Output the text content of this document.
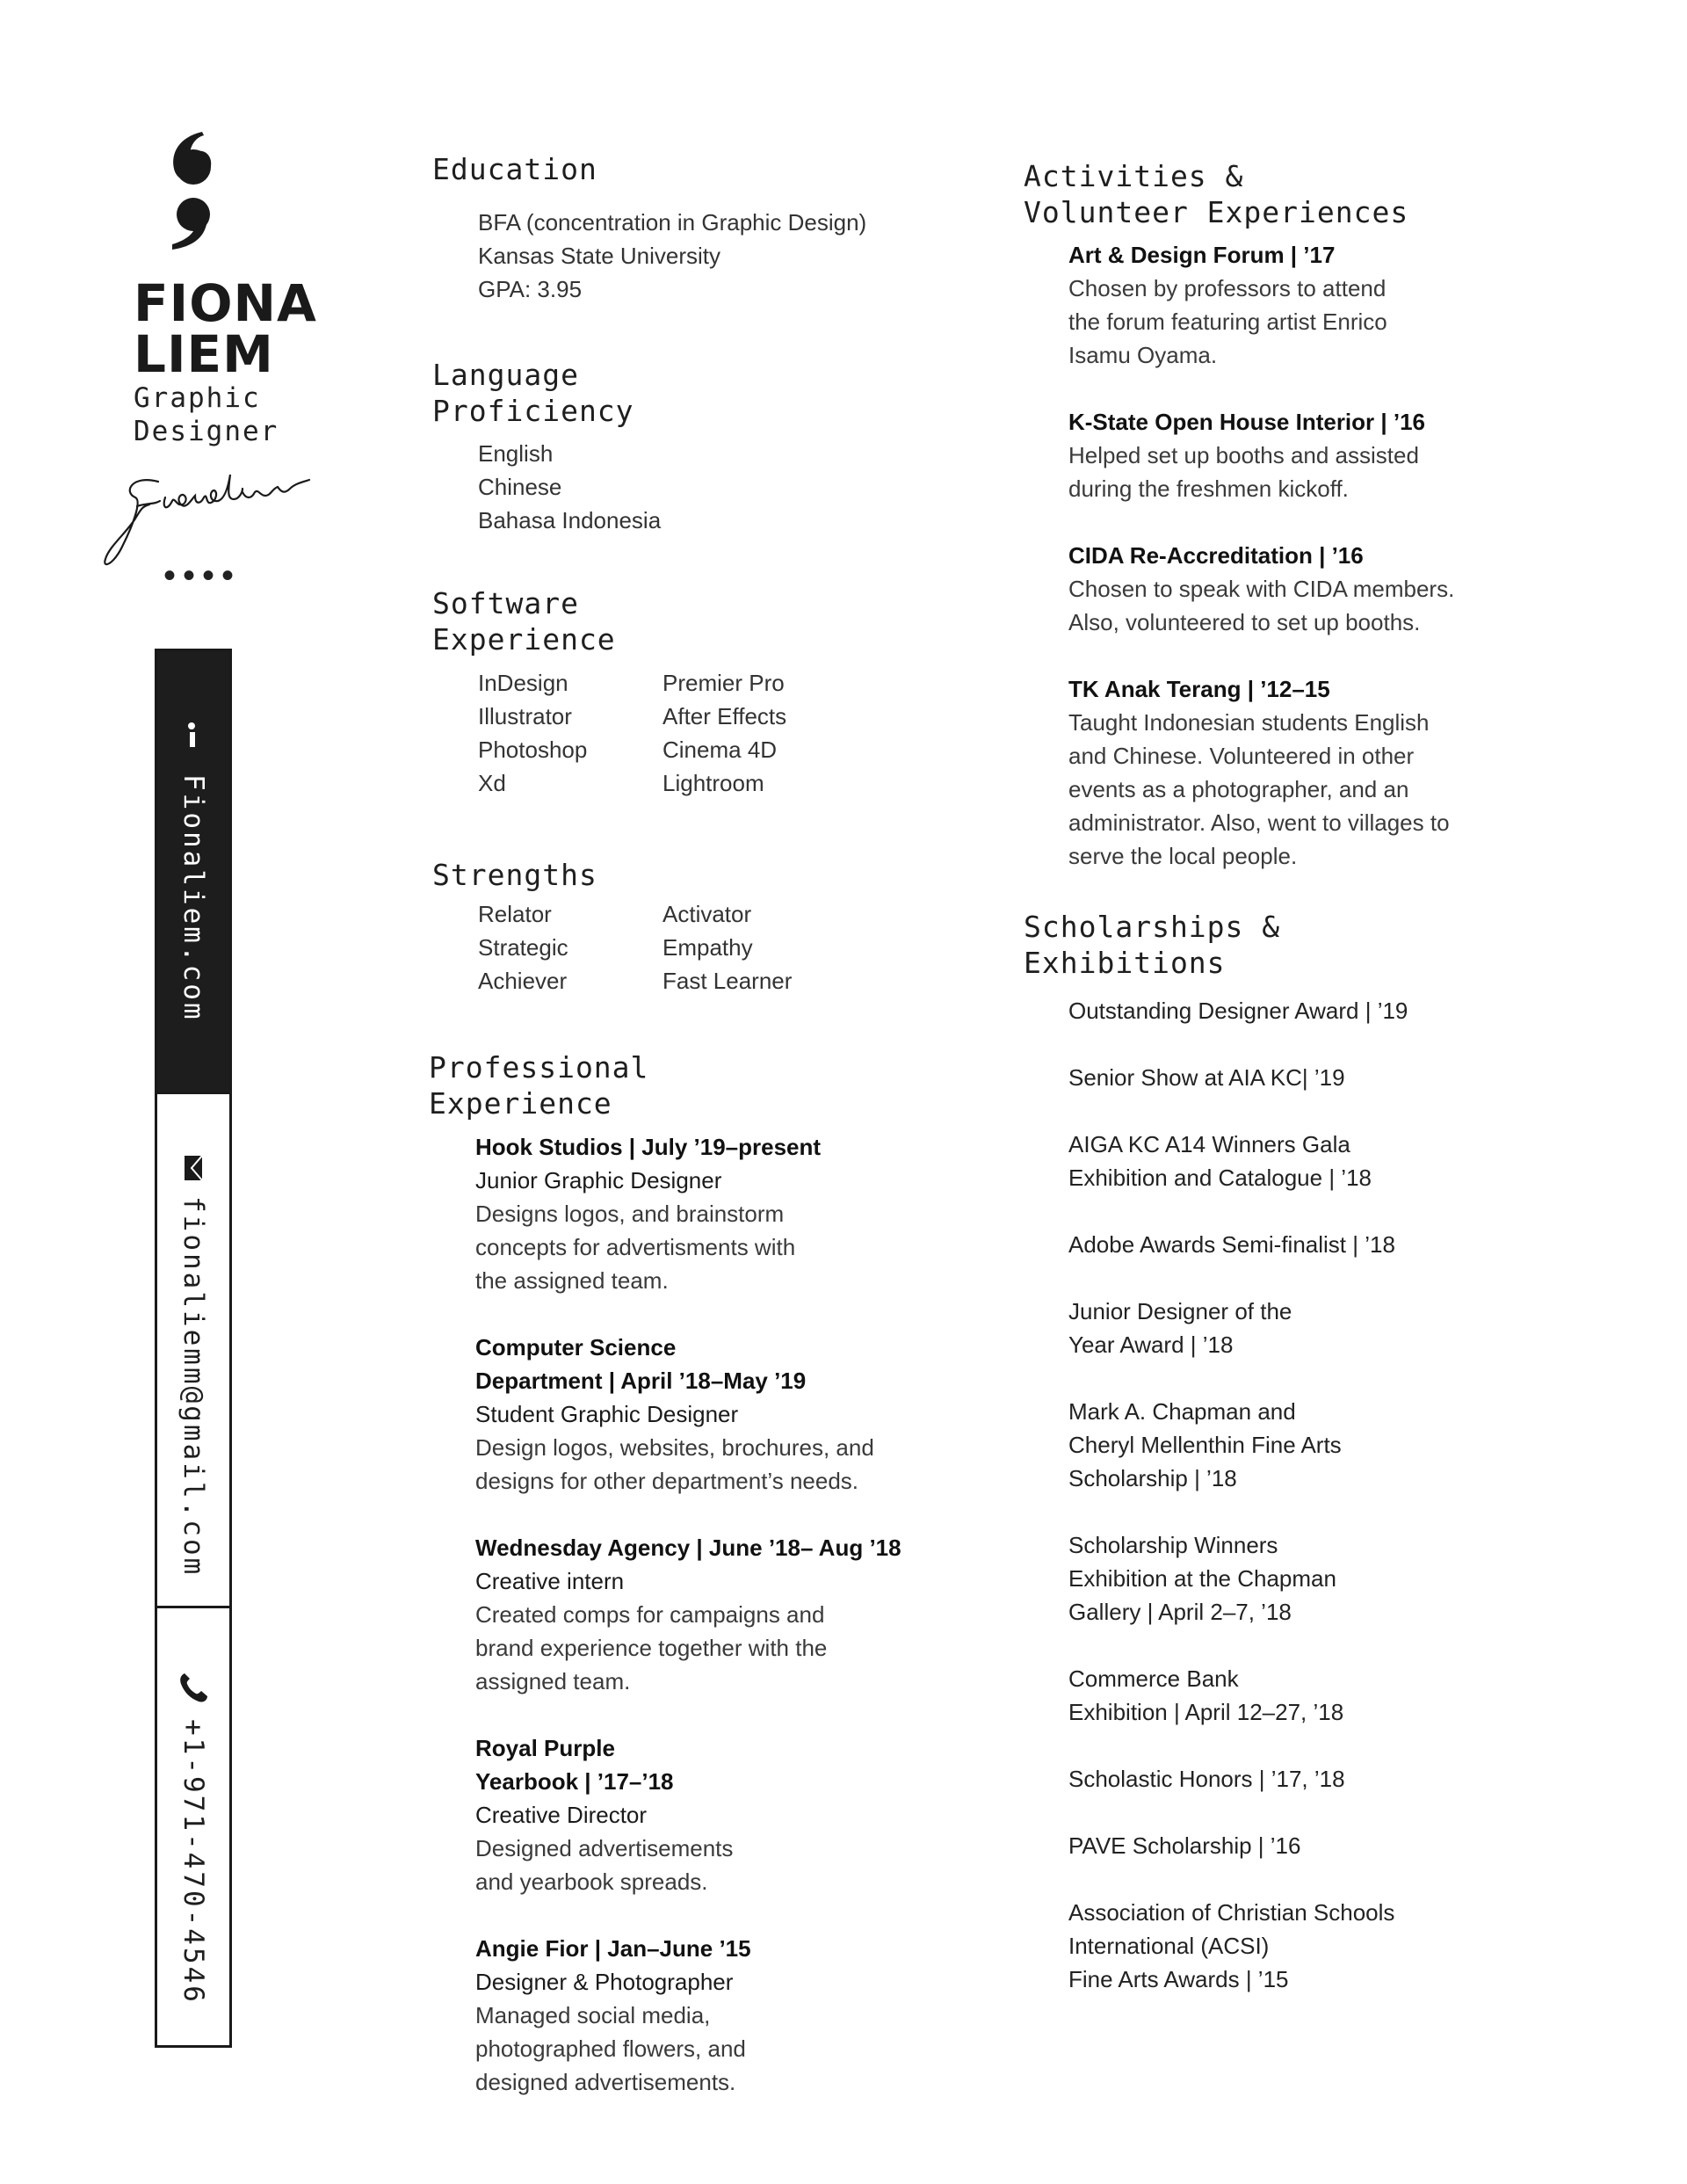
FIONA
LIEM
Graphic
Designer
••••
Fionaliem.com
fionaliemm@gmail.com
+1-971-470-4546
Education
BFA (concentration in Graphic Design)
Kansas State University
GPA: 3.95
Language
Proficiency
English
Chinese
Bahasa Indonesia
Software
Experience
InDesign
Illustrator
Photoshop
Xd
Premier Pro
After Effects
Cinema 4D
Lightroom
Strengths
Relator
Strategic
Achiever
Activator
Empathy
Fast Learner
Professional
Experience
Hook Studios | July ’19–present
Junior Graphic Designer
Designs logos, and brainstorm
concepts for advertisments with
the assigned team.
Computer Science
Department | April ’18–May ’19
Student Graphic Designer
Design logos, websites, brochures, and
designs for other department’s needs.
Wednesday Agency | June ’18– Aug ’18
Creative intern
Created comps for campaigns and
brand experience together with the
assigned team.
Royal Purple
Yearbook | ’17–’18
Creative Director
Designed advertisements
and yearbook spreads.
Angie Fior | Jan–June ’15
Designer & Photographer
Managed social media,
photographed flowers, and
designed advertisements.
Activities &
Volunteer Experiences
Art & Design Forum | ’17
Chosen by professors to attend
the forum featuring artist Enrico
Isamu Oyama.
K-State Open House Interior | ’16
Helped set up booths and assisted
during the freshmen kickoff.
CIDA Re-Accreditation | ’16
Chosen to speak with CIDA members.
Also, volunteered to set up booths.
TK Anak Terang | ’12–15
Taught Indonesian students English
and Chinese. Volunteered in other
events as a photographer, and an
administrator. Also, went to villages to
serve the local people.
Scholarships &
Exhibitions
Outstanding Designer Award | ’19
Senior Show at AIA KC| ’19
AIGA KC A14 Winners Gala
Exhibition and Catalogue | ’18
Adobe Awards Semi-finalist | ’18
Junior Designer of the
Year Award | ’18
Mark A. Chapman and
Cheryl Mellenthin Fine Arts
Scholarship | ’18
Scholarship Winners
Exhibition at the Chapman
Gallery | April 2–7, ’18
Commerce Bank
Exhibition | April 12–27, ’18
Scholastic Honors | ’17, ’18
PAVE Scholarship | ’16
Association of Christian Schools
International (ACSI)
Fine Arts Awards | ’15
